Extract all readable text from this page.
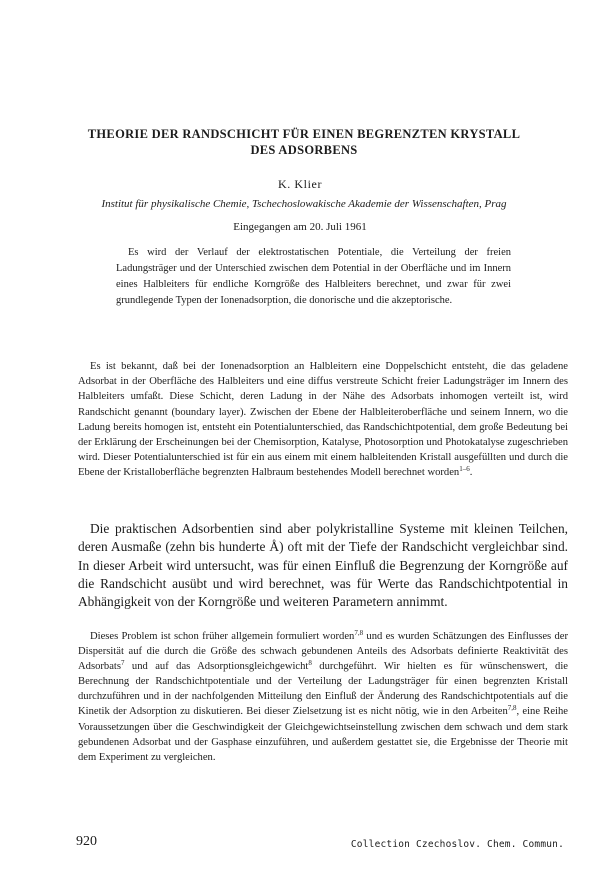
THEORIE DER RANDSCHICHT FÜR EINEN BEGRENZTEN KRYSTALL
DES ADSORBENS
K. Klier
Institut für physikalische Chemie, Tschechoslowakische Akademie der Wissenschaften, Prag
Eingegangen am 20. Juli 1961
Es wird der Verlauf der elektrostatischen Potentiale, die Verteilung der freien Ladungsträger und der Unterschied zwischen dem Potential in der Oberfläche und im Innern eines Halbleiters für endliche Korngröße des Halbleiters berechnet, und zwar für zwei grundlegende Typen der Ionenadsorption, die donorische und die akzeptorische.
Es ist bekannt, daß bei der Ionenadsorption an Halbleitern eine Doppelschicht entsteht, die das geladene Adsorbat in der Oberfläche des Halbleiters und eine diffus verstreute Schicht freier Ladungsträger im Innern des Halbleiters umfaßt. Diese Schicht, deren Ladung in der Nähe des Adsorbats inhomogen verteilt ist, wird Randschicht genannt (boundary layer). Zwischen der Ebene der Halbleiteroberfläche und seinem Innern, wo die Ladung bereits homogen ist, entsteht ein Potentialunterschied, das Randschichtpotential, dem große Bedeutung bei der Erklärung der Erscheinungen bei der Chemisorption, Katalyse, Photosorption und Photokatalyse zugeschrieben wird. Dieser Potentialunterschied ist für ein aus einem mit einem halbleitenden Kristall ausgefüllten und durch die Ebene der Kristalloberfläche begrenzten Halbraum bestehendes Modell berechnet worden$^{1-6}$.
Die praktischen Adsorbentien sind aber polykristalline Systeme mit kleinen Teilchen, deren Ausmaße (zehn bis hunderte Å) oft mit der Tiefe der Randschicht vergleichbar sind. In dieser Arbeit wird untersucht, was für einen Einfluß die Begrenzung der Korngröße auf die Randschicht ausübt und wird berechnet, was für Werte das Randschichtpotential in Abhängigkeit von der Korngröße und weiteren Parametern annimmt.
Dieses Problem ist schon früher allgemein formuliert worden$^{7,8}$ und es wurden Schätzungen des Einflusses der Dispersität auf die durch die Größe des schwach gebundenen Anteils des Adsorbats definierte Reaktivität des Adsorbats$^7$ und auf das Adsorptionsgleichgewicht$^8$ durchgeführt. Wir hielten es für wünschenswert, die Berechnung der Randschichtpotentiale und der Verteilung der Ladungsträger für einen begrenzten Kristall durchzuführen und in der nachfolgenden Mitteilung den Einfluß der Änderung des Randschichtpotentials auf die Kinetik der Adsorption zu diskutieren. Bei dieser Zielsetzung ist es nicht nötig, wie in den Arbeiten$^{7,8}$, eine Reihe Voraussetzungen über die Geschwindigkeit der Gleichgewichtseinstellung zwischen dem schwach und dem stark gebundenen Adsorbat und der Gasphase einzuführen, und außerdem gestattet sie, die Ergebnisse der Theorie mit dem Experiment zu vergleichen.
920	Collection Czechoslov. Chem. Commun.
